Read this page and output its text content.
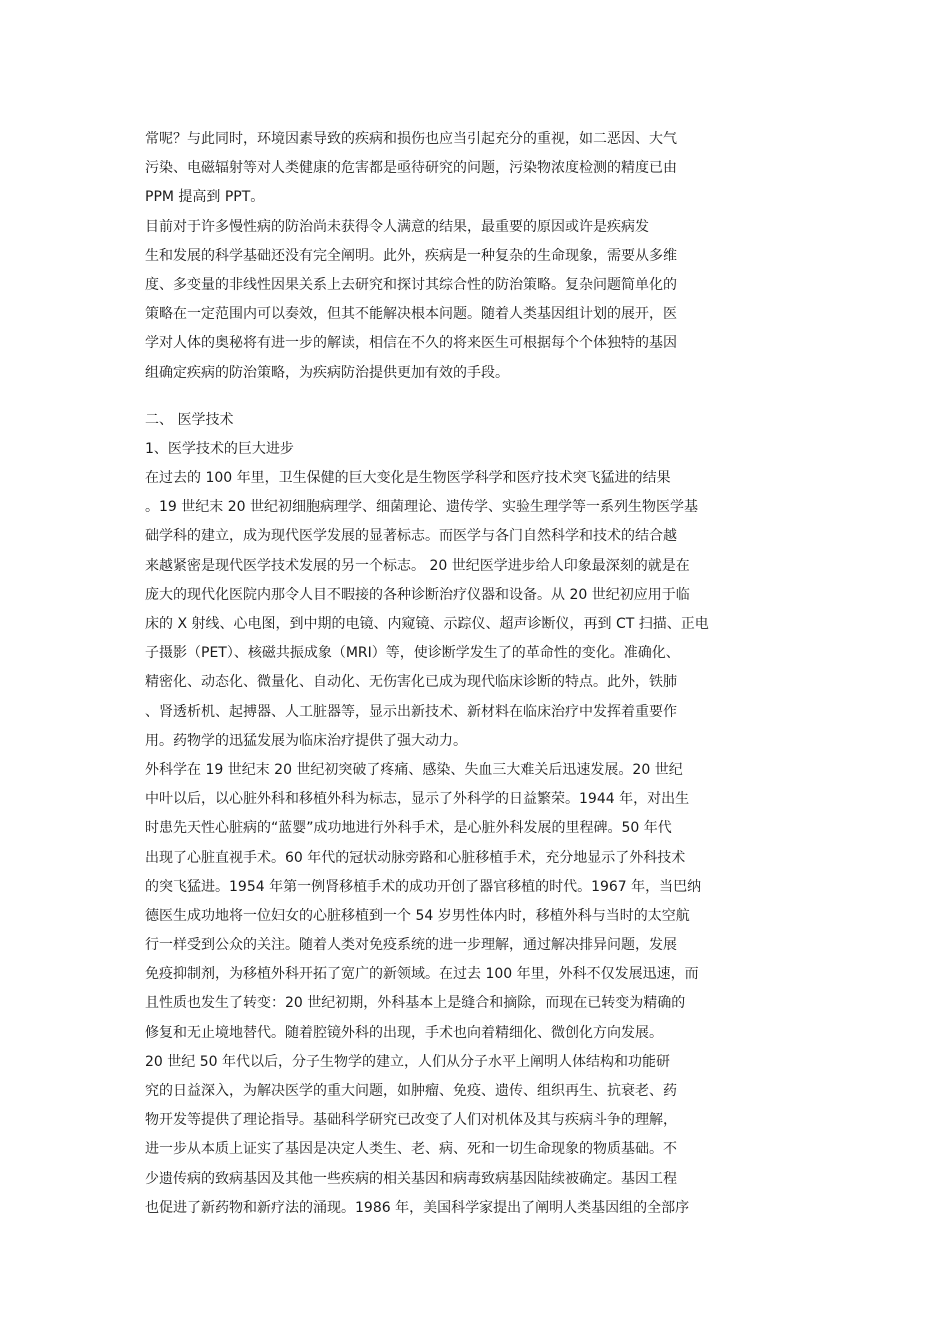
常呢？与此同时，环境因素导致的疾病和损伤也应当引起充分的重视，如二恶因、大气
污染、电磁辐射等对人类健康的危害都是亟待研究的问题，污染物浓度检测的精度已由
PPM 提高到 PPT。
目前对于许多慢性病的防治尚未获得令人满意的结果，最重要的原因或许是疾病发
生和发展的科学基础还没有完全阐明。此外，疾病是一种复杂的生命现象，需要从多维
度、多变量的非线性因果关系上去研究和探讨其综合性的防治策略。复杂问题简单化的
策略在一定范围内可以奏效，但其不能解决根本问题。随着人类基因组计划的展开，医
学对人体的奥秘将有进一步的解读，相信在不久的将来医生可根据每个个体独特的基因
组确定疾病的防治策略，为疾病防治提供更加有效的手段。
二、 医学技术
1、医学技术的巨大进步
在过去的 100 年里，卫生保健的巨大变化是生物医学科学和医疗技术突飞猛进的结果
。19 世纪末 20 世纪初细胞病理学、细菌理论、遗传学、实验生理学等一系列生物医学基
础学科的建立，成为现代医学发展的显著标志。而医学与各门自然科学和技术的结合越
来越紧密是现代医学技术发展的另一个标志。 20 世纪医学进步给人印象最深刻的就是在
庞大的现代化医院内那令人目不暇接的各种诊断治疗仪器和设备。从 20 世纪初应用于临
床的 X 射线、心电图，到中期的电镜、内窥镜、示踪仪、超声诊断仪，再到 CT 扫描、正电
子摄影（PET）、核磁共振成象（MRI）等，使诊断学发生了的革命性的变化。准确化、
精密化、动态化、微量化、自动化、无伤害化已成为现代临床诊断的特点。此外，铁肺
、肾透析机、起搏器、人工脏器等，显示出新技术、新材料在临床治疗中发挥着重要作
用。药物学的迅猛发展为临床治疗提供了强大动力。
外科学在 19 世纪末 20 世纪初突破了疼痛、感染、失血三大难关后迅速发展。20 世纪
中叶以后，以心脏外科和移植外科为标志，显示了外科学的日益繁荣。1944 年，对出生
时患先天性心脏病的“蓝婴”成功地进行外科手术，是心脏外科发展的里程碑。50 年代
出现了心脏直视手术。60 年代的冠状动脉旁路和心脏移植手术，充分地显示了外科技术
的突飞猛进。1954 年第一例肾移植手术的成功开创了器官移植的时代。1967 年，当巴纳
德医生成功地将一位妇女的心脏移植到一个 54 岁男性体内时，移植外科与当时的太空航
行一样受到公众的关注。随着人类对免疫系统的进一步理解，通过解决排异问题，发展
免疫抑制剂，为移植外科开拓了宽广的新领域。在过去 100 年里，外科不仅发展迅速，而
且性质也发生了转变：20 世纪初期，外科基本上是缝合和摘除，而现在已转变为精确的
修复和无止境地替代。随着腔镜外科的出现，手术也向着精细化、微创化方向发展。
20 世纪 50 年代以后，分子生物学的建立，人们从分子水平上阐明人体结构和功能研
究的日益深入，为解决医学的重大问题，如肿瘤、免疫、遗传、组织再生、抗衰老、药
物开发等提供了理论指导。基础科学研究已改变了人们对机体及其与疾病斗争的理解，
进一步从本质上证实了基因是决定人类生、老、病、死和一切生命现象的物质基础。不
少遗传病的致病基因及其他一些疾病的相关基因和病毒致病基因陆续被确定。基因工程
也促进了新药物和新疗法的涌现。1986 年，美国科学家提出了阐明人类基因组的全部序
